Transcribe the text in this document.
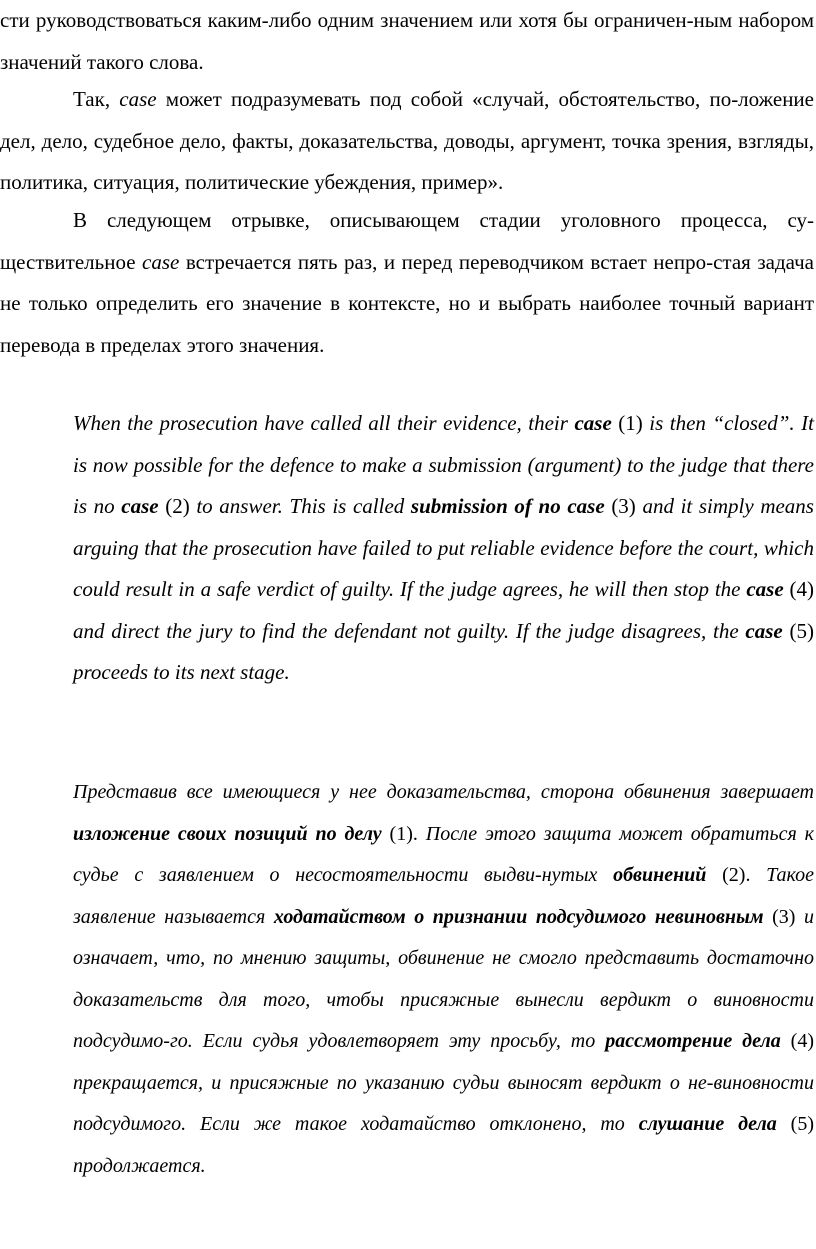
сти руководствоваться каким-либо одним значением или хотя бы ограничен-ным набором значений такого слова.

Так, case может подразумевать под собой «случай, обстоятельство, по-ложение дел, дело, судебное дело, факты, доказательства, доводы, аргумент, точка зрения, взгляды, политика, ситуация, политические убеждения, пример».

В следующем отрывке, описывающем стадии уголовного процесса, су-ществительное case встречается пять раз, и перед переводчиком встает непро-стая задача не только определить его значение в контексте, но и выбрать наиболее точный вариант перевода в пределах этого значения.

When the prosecution have called all their evidence, their case (1) is then “closed”. It is now possible for the defence to make a submission (argument) to the judge that there is no case (2) to answer. This is called submission of no case (3) and it simply means arguing that the prosecution have failed to put reliable evidence before the court, which could result in a safe verdict of guilty. If the judge agrees, he will then stop the case (4) and direct the jury to find the defendant not guilty. If the judge disagrees, the case (5) proceeds to its next stage.

Представив все имеющиеся у нее доказательства, сторона обвинения завершает изложение своих позиций по делу (1). После этого защита может обратиться к судье с заявлением о несостоятельности выдви-нутых обвинений (2). Такое заявление называется ходатайством о признании подсудимого невиновным (3) и означает, что, по мнению защиты, обвинение не смогло представить достаточно доказательств для того, чтобы присяжные вынесли вердикт о виновности подсудимо-го. Если судья удовлетворяет эту просьбу, то рассмотрение дела (4) прекращается, и присяжные по указанию судьи выносят вердикт о не-виновности подсудимого. Если же такое ходатайство отклонено, то слушание дела (5) продолжается.
